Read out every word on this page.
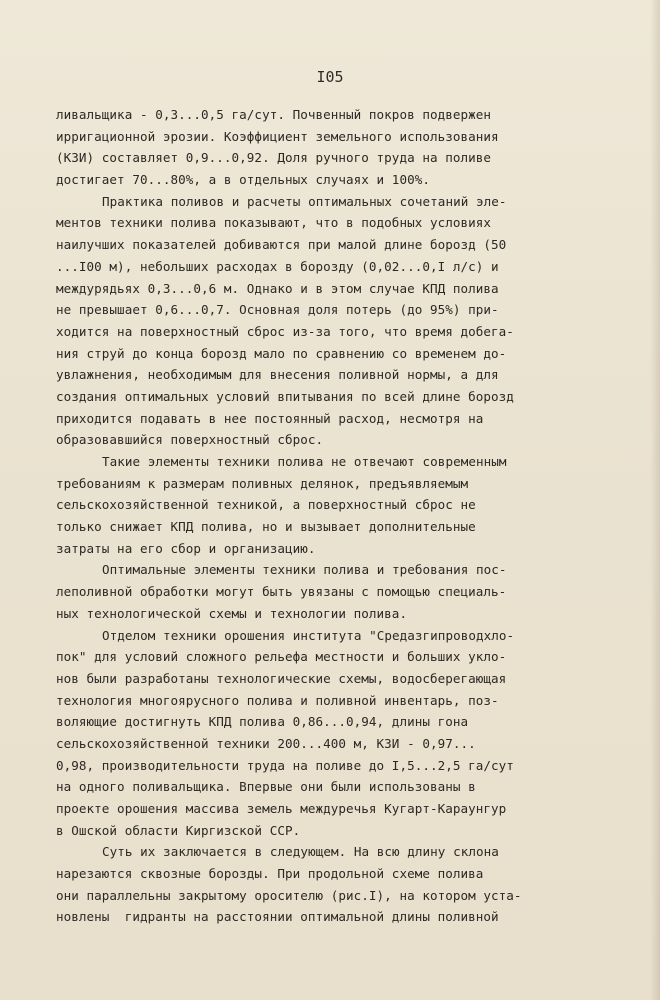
I05
ливальщика - 0,3...0,5 га/сут. Почвенный покров подвержен
ирригационной эрозии. Коэффициент земельного использования
(КЗИ) составляет 0,9...0,92. Доля ручного труда на поливе
достигает 70...80%, а в отдельных случаях и 100%.
Практика поливов и расчеты оптимальных сочетаний эле-
ментов техники полива показывают, что в подобных условиях
наилучших показателей добиваются при малой длине борозд (50
...I00 м), небольших расходах в борозду (0,02...0,I л/с) и
междурядьях 0,3...0,6 м. Однако и в этом случае КПД полива
не превышает 0,6...0,7. Основная доля потерь (до 95%) при-
ходится на поверхностный сброс из-за того, что время добега-
ния струй до конца борозд мало по сравнению со временем до-
увлажнения, необходимым для внесения поливной нормы, а для
создания оптимальных условий впитывания по всей длине борозд
приходится подавать в нее постоянный расход, несмотря на
образовавшийся поверхностный сброс.
Такие элементы техники полива не отвечают современным
требованиям к размерам поливных делянок, предъявляемым
сельскохозяйственной техникой, а поверхностный сброс не
только снижает КПД полива, но и вызывает дополнительные
затраты на его сбор и организацию.
Оптимальные элементы техники полива и требования пос-
леполивной обработки могут быть увязаны с помощью специаль-
ных технологической схемы и технологии полива.
Отделом техники орошения института "Средазгипроводхлo-
пок" для условий сложного рельефа местности и больших укло-
нов были разработаны технологические схемы, водосберегающая
технология многоярусного полива и поливной инвентарь, поз-
воляющие достигнуть КПД полива 0,86...0,94, длины гона
сельскохозяйственной техники 200...400 м, КЗИ - 0,97...
0,98, производительности труда на поливе до I,5...2,5 га/сут
на одного поливальщика. Впервые они были использованы в
проекте орошения массива земель междуречья Кугарт-Карaунгур
в Ошской области Киргизской ССР.
Суть их заключается в следующем. На всю длину склона
нарезаются сквозные борозды. При продольной схеме полива
они параллельны закрытому оросителю (рис.I), на котором уста-
новлены  гидранты на расстоянии оптимальной длины поливной
